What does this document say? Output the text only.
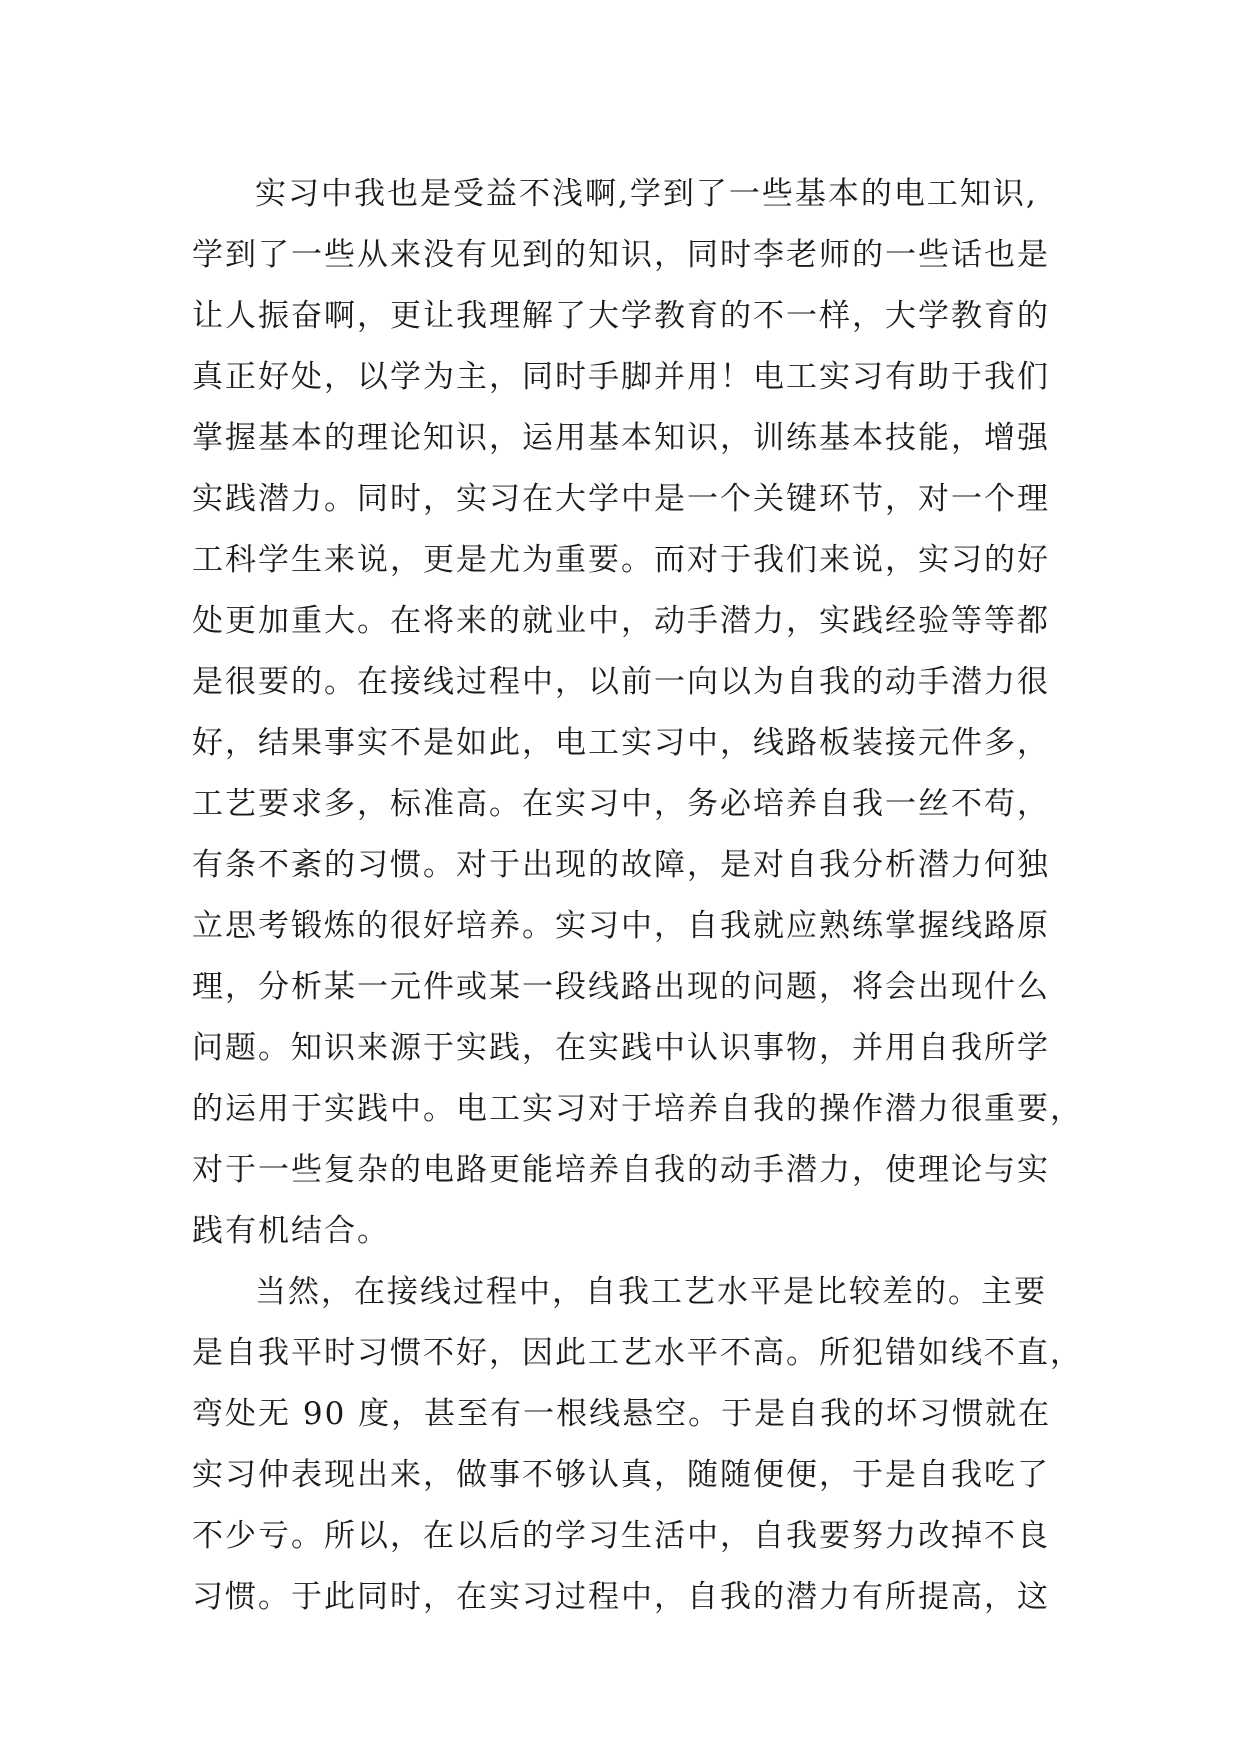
实习中我也是受益不浅啊,学到了一些基本的电工知识,
学到了一些从来没有见到的知识，同时李老师的一些话也是
让人振奋啊，更让我理解了大学教育的不一样，大学教育的
真正好处，以学为主，同时手脚并用！电工实习有助于我们
掌握基本的理论知识，运用基本知识，训练基本技能，增强
实践潜力。同时，实习在大学中是一个关键环节，对一个理
工科学生来说，更是尤为重要。而对于我们来说，实习的好
处更加重大。在将来的就业中，动手潜力，实践经验等等都
是很要的。在接线过程中，以前一向以为自我的动手潜力很
好，结果事实不是如此，电工实习中，线路板装接元件多，
工艺要求多，标准高。在实习中，务必培养自我一丝不苟，
有条不紊的习惯。对于出现的故障，是对自我分析潜力何独
立思考锻炼的很好培养。实习中，自我就应熟练掌握线路原
理，分析某一元件或某一段线路出现的问题，将会出现什么
问题。知识来源于实践，在实践中认识事物，并用自我所学
的运用于实践中。电工实习对于培养自我的操作潜力很重要，
对于一些复杂的电路更能培养自我的动手潜力，使理论与实
践有机结合。
当然，在接线过程中，自我工艺水平是比较差的。主要
是自我平时习惯不好，因此工艺水平不高。所犯错如线不直，
弯处无 90 度，甚至有一根线悬空。于是自我的坏习惯就在
实习仲表现出来，做事不够认真，随随便便，于是自我吃了
不少亏。所以，在以后的学习生活中，自我要努力改掉不良
习惯。于此同时，在实习过程中，自我的潜力有所提高，这
